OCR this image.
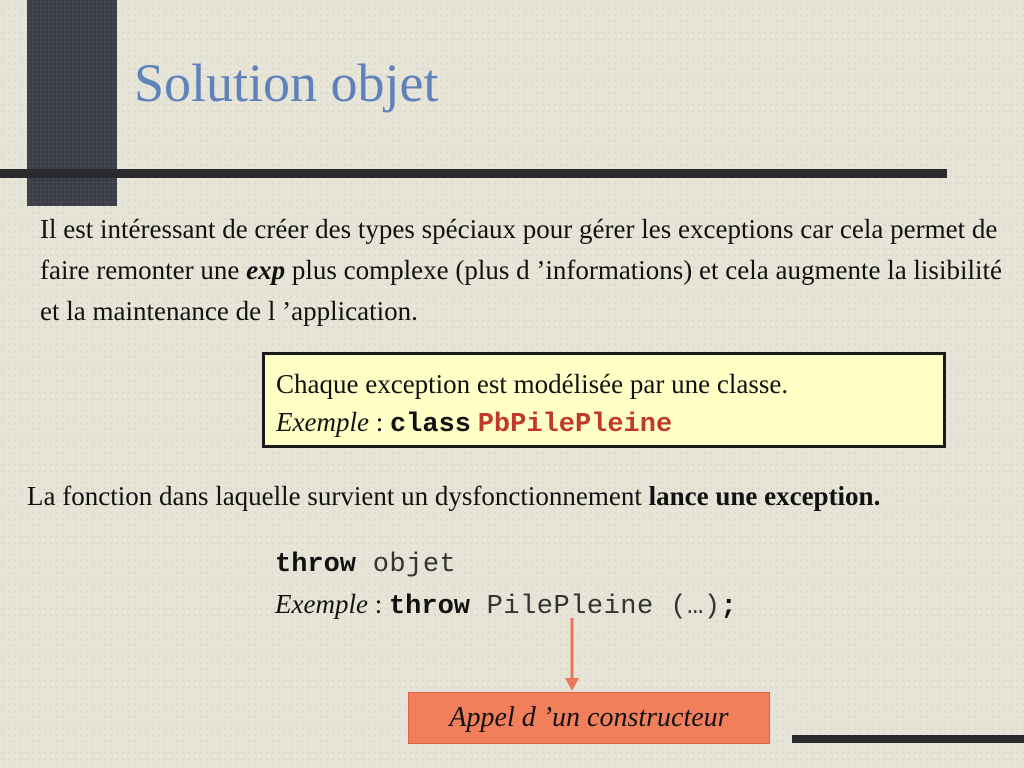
Solution objet

Il est intéressant de créer des types spéciaux pour gérer les exceptions car cela permet de faire remonter une exp plus complexe (plus d ’informations) et cela augmente la lisibilité et la maintenance de l ’application.

Chaque exception est modélisée par une classe.
Exemple : class PbPilePleine

La fonction dans laquelle survient un dysfonctionnement lance une exception.

throw objet
Exemple : throw PilePleine (…);
Appel d ’un constructeur
